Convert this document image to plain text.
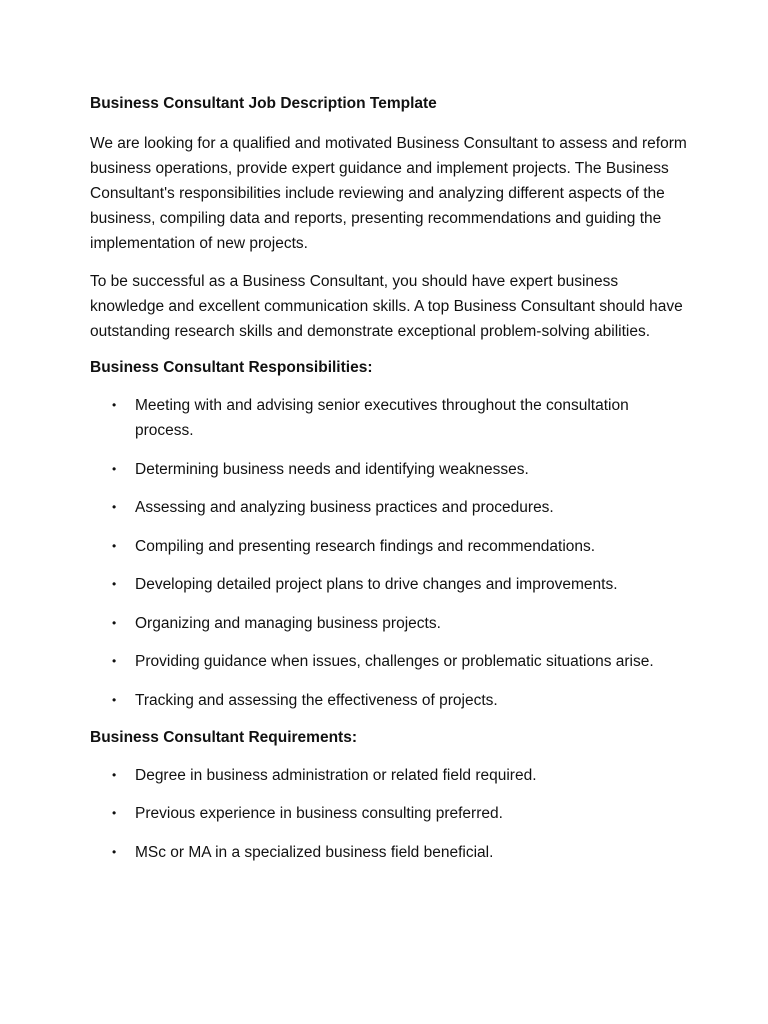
Business Consultant Job Description Template

We are looking for a qualified and motivated Business Consultant to assess and reform business operations, provide expert guidance and implement projects. The Business Consultant's responsibilities include reviewing and analyzing different aspects of the business, compiling data and reports, presenting recommendations and guiding the implementation of new projects.

To be successful as a Business Consultant, you should have expert business knowledge and excellent communication skills. A top Business Consultant should have outstanding research skills and demonstrate exceptional problem-solving abilities.

Business Consultant Responsibilities:
• Meeting with and advising senior executives throughout the consultation process.
• Determining business needs and identifying weaknesses.
• Assessing and analyzing business practices and procedures.
• Compiling and presenting research findings and recommendations.
• Developing detailed project plans to drive changes and improvements.
• Organizing and managing business projects.
• Providing guidance when issues, challenges or problematic situations arise.
• Tracking and assessing the effectiveness of projects.
Business Consultant Requirements:
• Degree in business administration or related field required.
• Previous experience in business consulting preferred.
• MSc or MA in a specialized business field beneficial.
